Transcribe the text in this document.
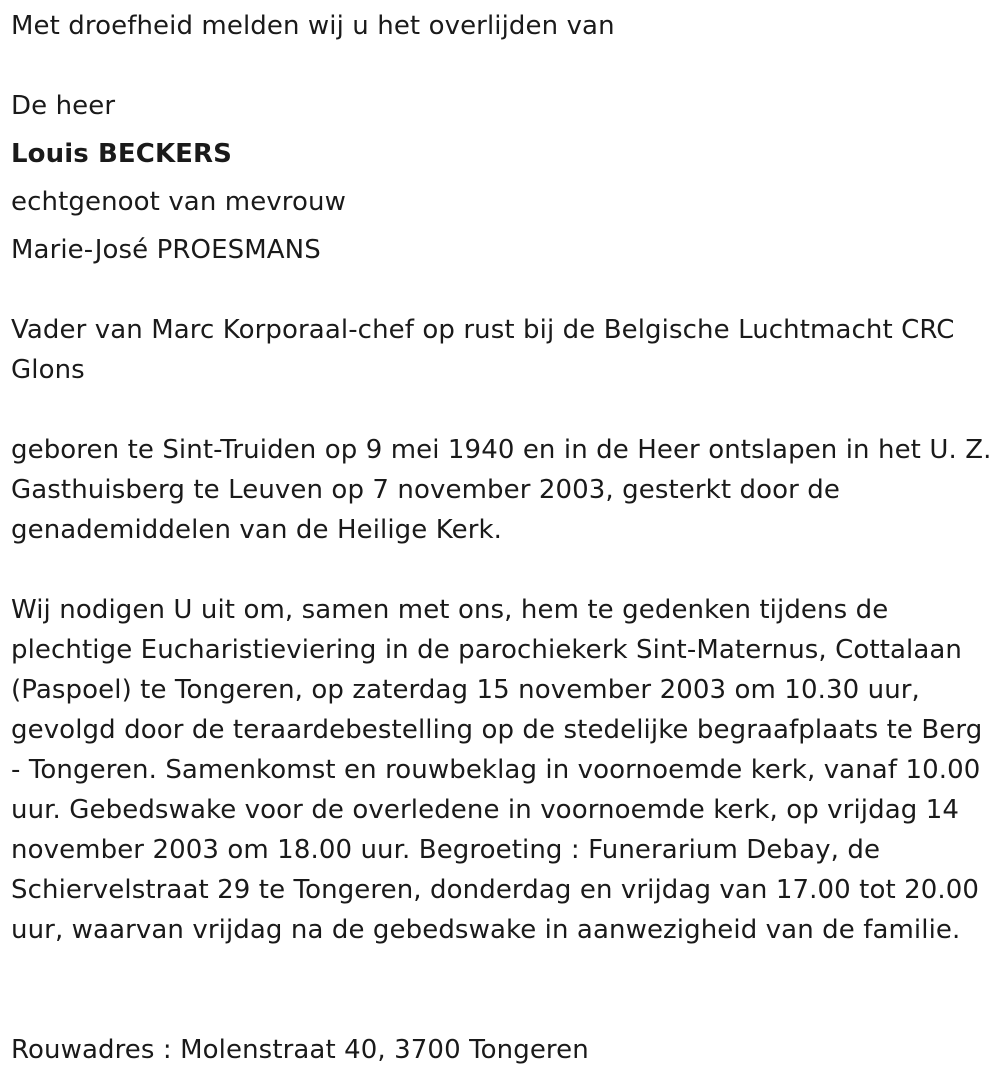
Met droefheid melden wij u het overlijden van
De heer
Louis BECKERS
echtgenoot van mevrouw
Marie-José PROESMANS
Vader van Marc Korporaal-chef op rust bij de Belgische Luchtmacht CRC Glons
geboren te Sint-Truiden op 9 mei 1940 en in de Heer ontslapen in het U. Z. Gasthuisberg te Leuven op 7 november 2003, gesterkt door de genademiddelen van de Heilige Kerk.
Wij nodigen U uit om, samen met ons, hem te gedenken tijdens de plechtige Eucharistieviering in de parochiekerk Sint-Maternus, Cottalaan (Paspoel) te Tongeren, op zaterdag 15 november 2003 om 10.30 uur, gevolgd door de teraardebestelling op de stedelijke begraafplaats te Berg - Tongeren. Samenkomst en rouwbeklag in voornoemde kerk, vanaf 10.00 uur. Gebedswake voor de overledene in voornoemde kerk, op vrijdag 14 november 2003 om 18.00 uur. Begroeting : Funerarium Debay, de Schiervelstraat 29 te Tongeren, donderdag en vrijdag van 17.00 tot 20.00 uur, waarvan vrijdag na de gebedswake in aanwezigheid van de familie.
Rouwadres : Molenstraat 40, 3700 Tongeren
